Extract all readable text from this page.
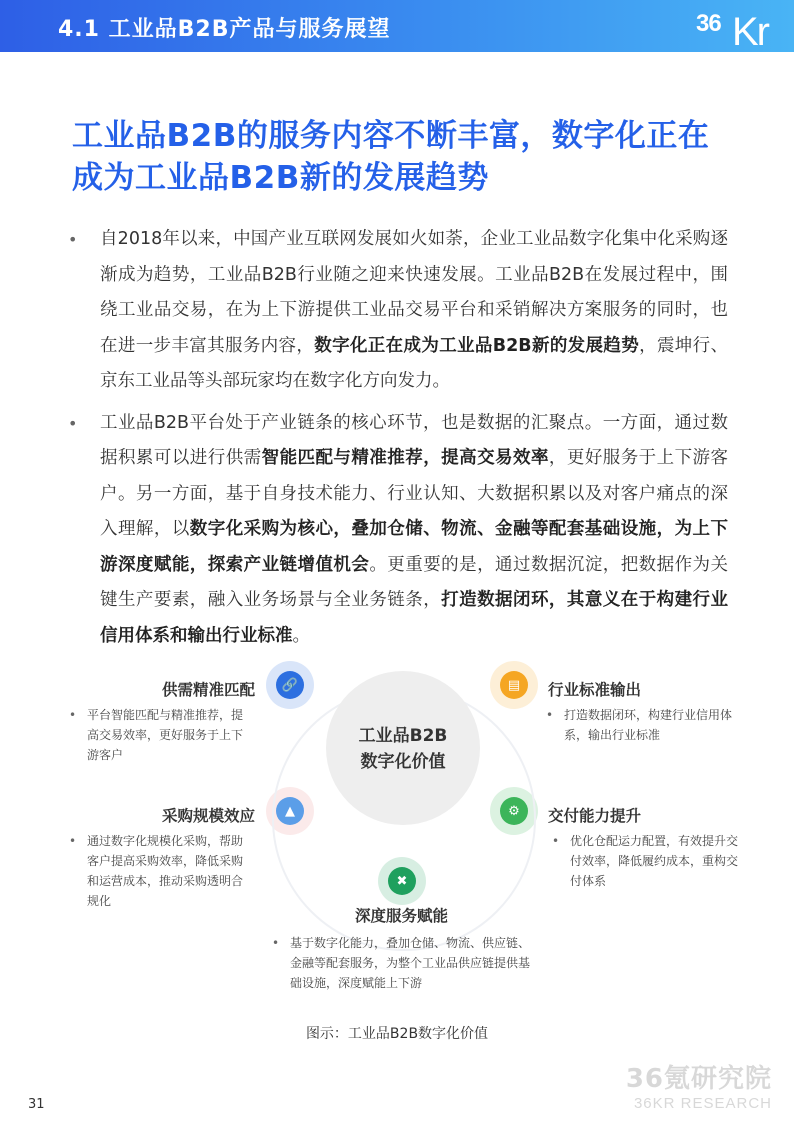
4.1 工业品B2B产品与服务展望	36 Kr
工业品B2B的服务内容不断丰富，数字化正在
成为工业品B2B新的发展趋势
• 自2018年以来，中国产业互联网发展如火如荼，企业工业品数字化集中化采购逐渐成为趋势，工业品B2B行业随之迎来快速发展。工业品B2B在发展过程中，围绕工业品交易，在为上下游提供工业品交易平台和采销解决方案服务的同时，也在进一步丰富其服务内容，数字化正在成为工业品B2B新的发展趋势，震坤行、京东工业品等头部玩家均在数字化方向发力。
• 工业品B2B平台处于产业链条的核心环节，也是数据的汇聚点。一方面，通过数据积累可以进行供需智能匹配与精准推荐，提高交易效率，更好服务于上下游客户。另一方面，基于自身技术能力、行业认知、大数据积累以及对客户痛点的深入理解，以数字化采购为核心，叠加仓储、物流、金融等配套基础设施，为上下游深度赋能，探索产业链增值机会。更重要的是，通过数据沉淀，把数据作为关键生产要素，融入业务场景与全业务链条，打造数据闭环，其意义在于构建行业信用体系和输出行业标准。
工业品B2B
数字化价值
🔗
供需精准匹配
• 平台智能匹配与精准推荐，提高交易效率，更好服务于上下游客户
▤	行业标准输出
• 打造数据闭环，构建行业信用体系，输出行业标准
▲
采购规模效应
• 通过数字化规模化采购，帮助客户提高采购效率，降低采购和运营成本，推动采购透明合规化
⚙	交付能力提升
• 优化仓配运力配置，有效提升交付效率，降低履约成本，重构交付体系
✖
深度服务赋能
• 基于数字化能力，叠加仓储、物流、供应链、金融等配套服务，为整个工业品供应链提供基础设施，深度赋能上下游
图示：工业品B2B数字化价值
36氪研究院
36KR RESEARCH
31
